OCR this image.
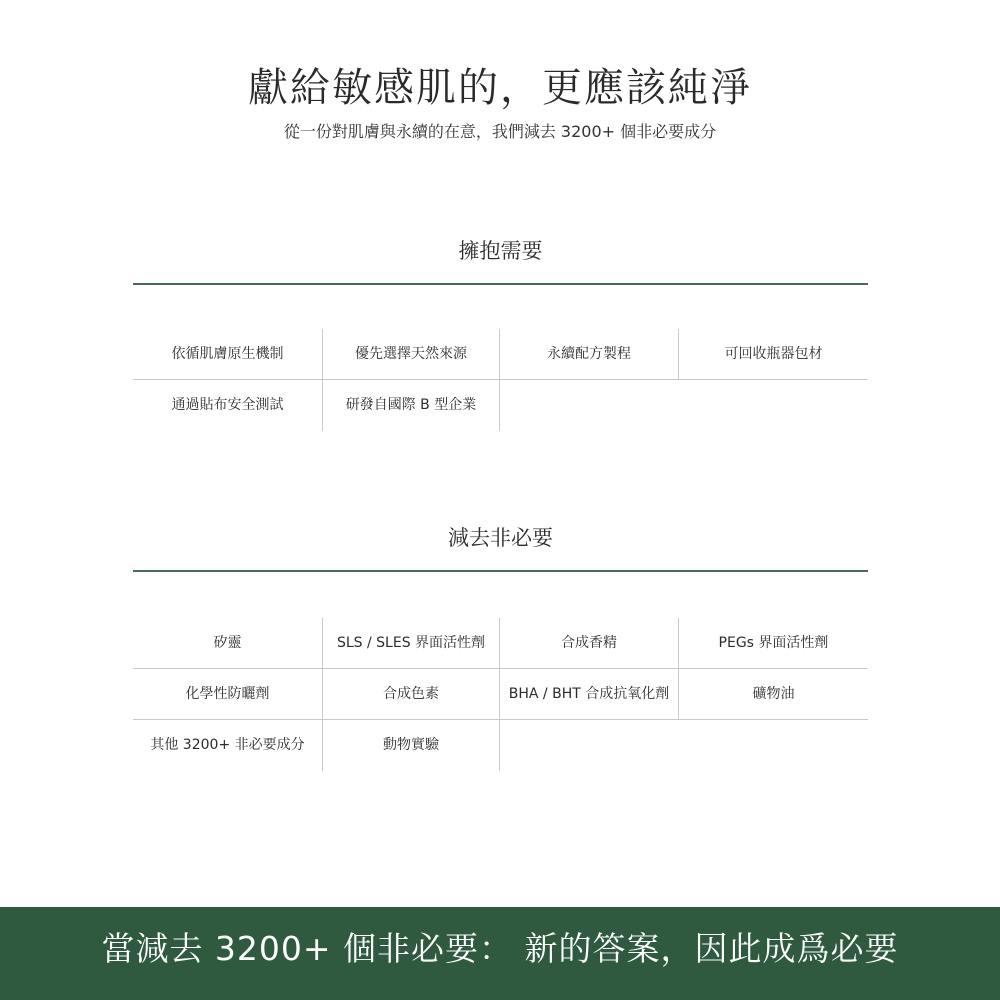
獻給敏感肌的，更應該純淨
從一份對肌膚與永續的在意，我們減去 3200+ 個非必要成分
擁抱需要
依循肌膚原生機制	優先選擇天然來源	永續配方製程	可回收瓶器包材
通過貼布安全測試	研發自國際 B 型企業
減去非必要
矽靈	SLS / SLES 界面活性劑	合成香精	PEGs 界面活性劑
化學性防曬劑	合成色素	BHA / BHT 合成抗氧化劑	礦物油
其他 3200+ 非必要成分	動物實驗
當減去 3200+ 個非必要： 新的答案，因此成爲必要
